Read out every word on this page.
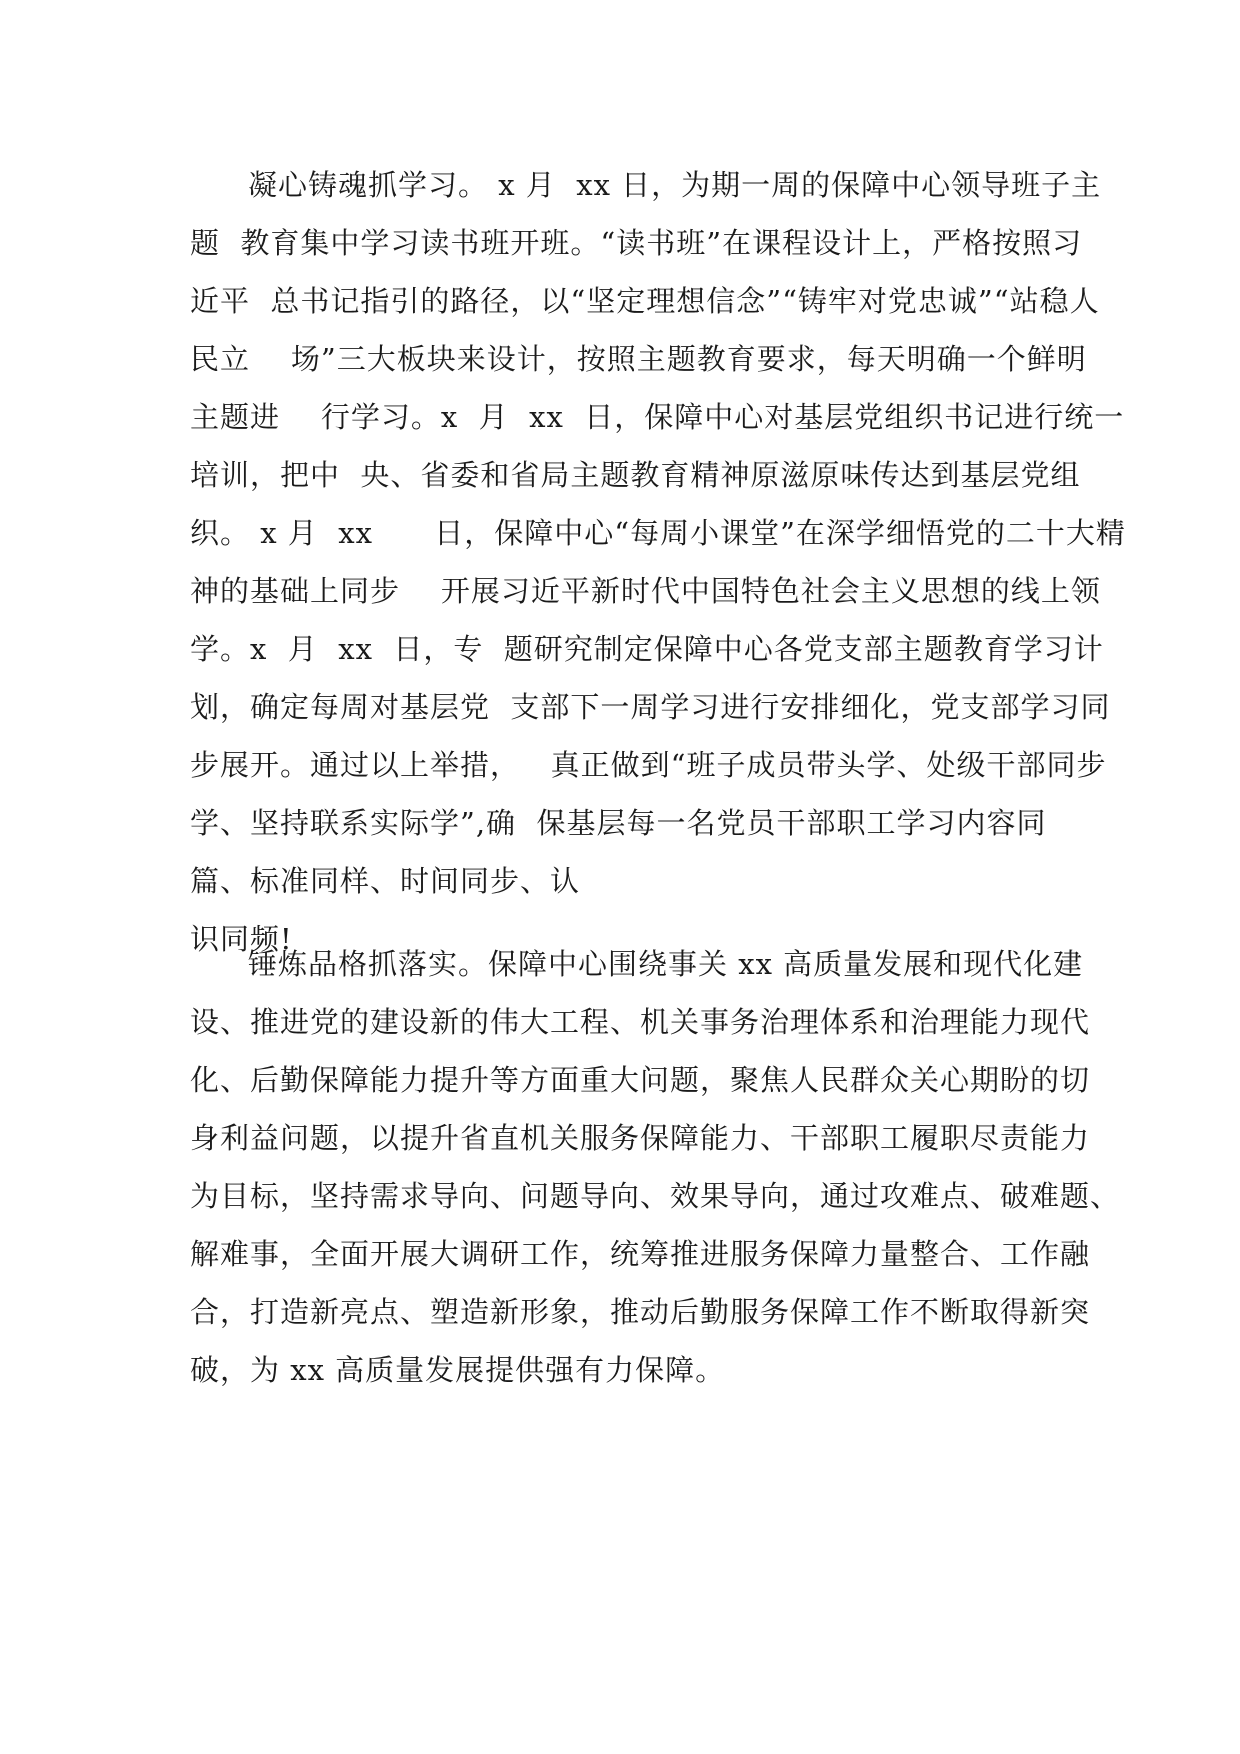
凝心铸魂抓学习。 x 月  xx 日，为期一周的保障中心领导班子主
题  教育集中学习读书班开班。“读书班”在课程设计上，严格按照习
近平  总书记指引的路径，以“坚定理想信念”“铸牢对党忠诚”“站稳人
民立    场”三大板块来设计，按照主题教育要求，每天明确一个鲜明
主题进    行学习。x  月  xx  日，保障中心对基层党组织书记进行统一
培训，把中  央、省委和省局主题教育精神原滋原味传达到基层党组
织。 x 月  xx      日，保障中心“每周小课堂”在深学细悟党的二十大精
神的基础上同步    开展习近平新时代中国特色社会主义思想的线上领
学。x  月  xx  日，专  题研究制定保障中心各党支部主题教育学习计
划，确定每周对基层党  支部下一周学习进行安排细化，党支部学习同
步展开。通过以上举措，   真正做到“班子成员带头学、处级干部同步
学、坚持联系实际学”,确  保基层每一名党员干部职工学习内容同
篇、标准同样、时间同步、认
识同频!
锤炼品格抓落实。保障中心围绕事关 xx 高质量发展和现代化建
设、推进党的建设新的伟大工程、机关事务治理体系和治理能力现代
化、后勤保障能力提升等方面重大问题，聚焦人民群众关心期盼的切
身利益问题，以提升省直机关服务保障能力、干部职工履职尽责能力
为目标，坚持需求导向、问题导向、效果导向，通过攻难点、破难题、
解难事，全面开展大调研工作，统筹推进服务保障力量整合、工作融
合，打造新亮点、塑造新形象，推动后勤服务保障工作不断取得新突
破，为 xx 高质量发展提供强有力保障。
